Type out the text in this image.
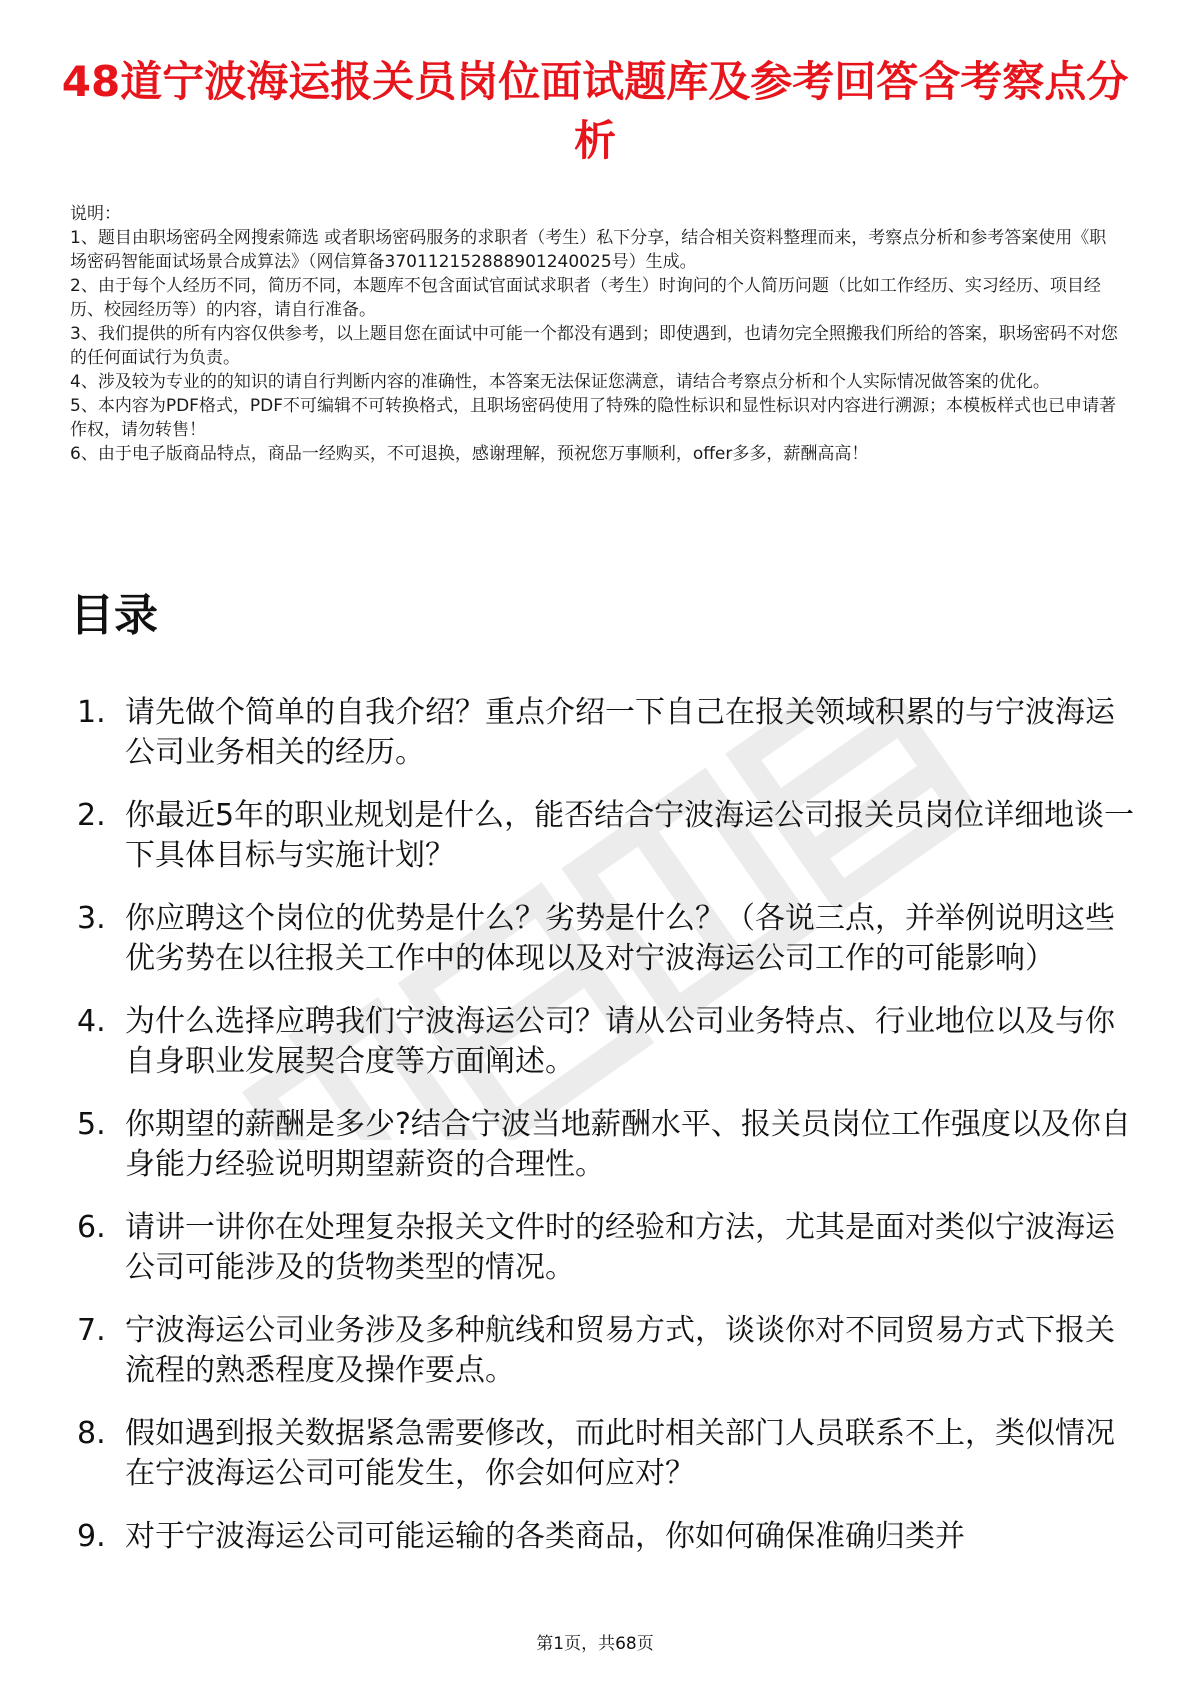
48道宁波海运报关员岗位面试题库及参考回答含考察点分析

说明：

1、题目由职场密码全网搜索筛选 或者职场密码服务的求职者（考生）私下分享，结合相关资料整理而来，考察点分析和参考答案使用《职场密码智能面试场景合成算法》（网信算备370112152888901240025号）生成。

2、由于每个人经历不同，简历不同，本题库不包含面试官面试求职者（考生）时询问的个人简历问题（比如工作经历、实习经历、项目经历、校园经历等）的内容，请自行准备。

3、我们提供的所有内容仅供参考，以上题目您在面试中可能一个都没有遇到；即使遇到，也请勿完全照搬我们所给的答案，职场密码不对您的任何面试行为负责。

4、涉及较为专业的的知识的请自行判断内容的准确性，本答案无法保证您满意，请结合考察点分析和个人实际情况做答案的优化。

5、本内容为PDF格式，PDF不可编辑不可转换格式，且职场密码使用了特殊的隐性标识和显性标识对内容进行溯源；本模板样式也已申请著作权，请勿转售！

6、由于电子版商品特点，商品一经购买，不可退换，感谢理解，预祝您万事顺利，offer多多，薪酬高高！

目录
1. 请先做个简单的自我介绍？重点介绍一下自己在报关领域积累的与宁波海运公司业务相关的经历。
2. 你最近5年的职业规划是什么，能否结合宁波海运公司报关员岗位详细地谈一下具体目标与实施计划？
3. 你应聘这个岗位的优势是什么？劣势是什么？（各说三点，并举例说明这些优劣势在以往报关工作中的体现以及对宁波海运公司工作的可能影响）
4. 为什么选择应聘我们宁波海运公司？请从公司业务特点、行业地位以及与你自身职业发展契合度等方面阐述。
5. 你期望的薪酬是多少?结合宁波当地薪酬水平、报关员岗位工作强度以及你自身能力经验说明期望薪资的合理性。
6. 请讲一讲你在处理复杂报关文件时的经验和方法，尤其是面对类似宁波海运公司可能涉及的货物类型的情况。
7. 宁波海运公司业务涉及多种航线和贸易方式，谈谈你对不同贸易方式下报关流程的熟悉程度及操作要点。
8. 假如遇到报关数据紧急需要修改，而此时相关部门人员联系不上，类似情况在宁波海运公司可能发生，你会如何应对？
9. 对于宁波海运公司可能运输的各类商品，你如何确保准确归类并
第1页，共68页
